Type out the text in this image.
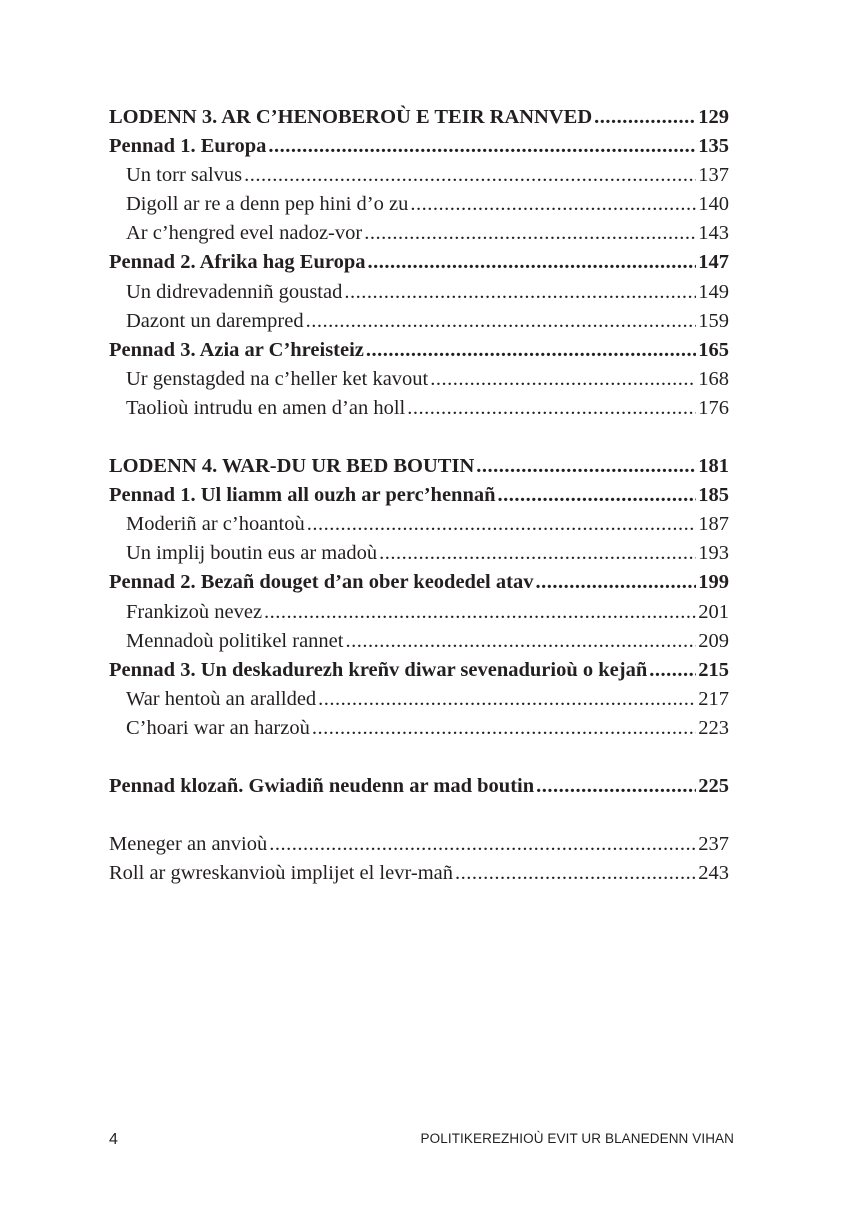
LODENN 3. AR C’HENOBEROÙ E TEIR RANNVED .....	129
Pennad 1. Europa .....	135
Un torr salvus .....	137
Digoll ar re a denn pep hini d’o zu .....	140
Ar c’hengred evel nadoz-vor .....	143
Pennad 2. Afrika hag Europa .....	147
Un didrevadenniñ goustad .....	149
Dazont un darempred .....	159
Pennad 3. Azia ar C’hreisteiz .....	165
Ur genstagded na c’heller ket kavout .....	168
Taolioù intrudu en amen d’an holl .....	176
LODENN 4. WAR-DU UR BED BOUTIN .....	181
Pennad 1. Ul liamm all ouzh ar perc’hennañ .....	185
Moderiñ ar c’hoantoù .....	187
Un implij boutin eus ar madoù .....	193
Pennad 2. Bezañ douget d’an ober keodedel atav .....	199
Frankizoù nevez .....	201
Mennadoù politikel rannet .....	209
Pennad 3. Un deskadurezh kreñv diwar sevenadurioù o kejañ ..... 215
War hentoù an arallded .....	217
C’hoari war an harzoù .....	223
Pennad klozañ. Gwiadiñ neudenn ar mad boutin .....	225
Meneger an anvioù .....	237
Roll ar gwreskanvioù implijet el levr-mañ .....	243
4	POLITIKEREZHIOÙ EVIT UR BLANEDENN VIHAN
